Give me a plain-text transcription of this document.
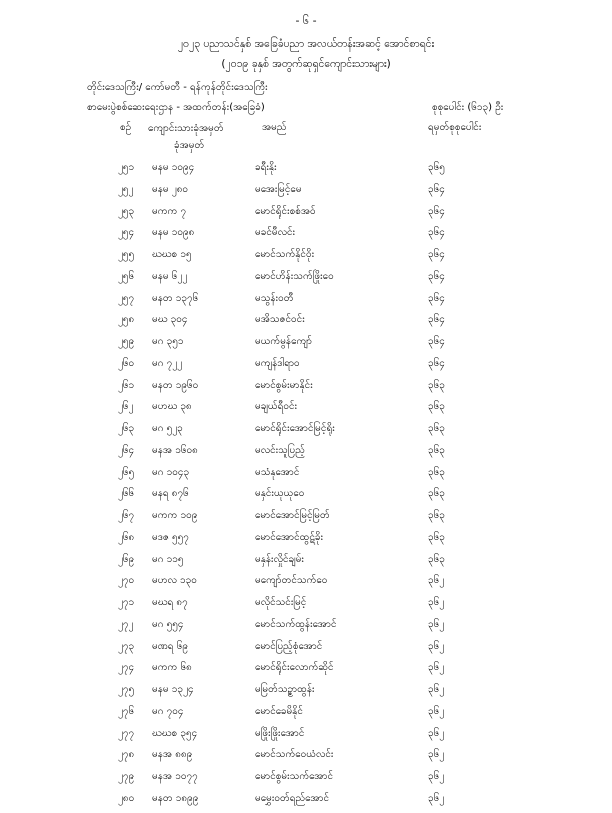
- ၆ -
၂၀၂၃ ပညာသင်နှစ် အခြေခံပညာ အလယ်တန်းအဆင့် အောင်စာရင်း
(၂၀၁၉ ခုနှစ် အတွက်ဆုရှင်ကျောင်းသားများ)
တိုင်းဒေသကြီး/ ကော်မတီ - ရန်ကုန်တိုင်းဒေသကြီး
စာမေးပွဲစစ်ဆေးရေးဌာန - အထက်တန်း(အခြေခံ)	စုစုပေါင်း (၆၁၃) ဦး
စဉ် ကျောင်းသားခုံအမှတ်
ခုံအမှတ်
အမည်	ရမှတ်စုစုပေါင်း
၂၅၁ မနမ ၁၀၉၄	ခရီးနိုး	၃၆၅
၂၅၂ မနမ ၂၈၀	မအေးမြင့်မေ	၃၆၄
၂၅၃ မကက ၇	မောင်ရိုင်းစစ်အဝ်	၃၆၄
၂၅၄ မနမ ၁၀၉၈	မခင်မီလင်း	၃၆၄
၂၅၅ ဃဃစ ၁၅	မောင်သက်နိုင်ဝိုး	၃၆၄
၂၅၆ မနမ ၆၂၂	မောင်ဟိန်းသက်ဖြိုးဝေ	၃၆၄
၂၅၇ မနတ ၁၃၇၆	မသွန်းဝတီ	၃၆၄
၂၅၈ မဃ ၃၀၄	မအိသဇင်ဝင်း	၃၆၄
၂၅၉ မဂ ၃၅၁	မယက်မွန်ကျော်	၃၆၄
၂၆၀ မဂ ၇၂၂	မကျန်ဒါရာဝ	၃၆၄
၂၆၁ မနတ ၁၉၆၀	မောင်စွမ်းမာနိုင်း	၃၆၃
၂၆၂ မဟဃ ၃၈	မချယ်ရီဝင်း	၃၆၃
၂၆၃ မဂ ၅၂၃	မောင်ရိုင်းအောင်မြင့်ရိုး	၃၆၃
၂၆၄ မနအ ၁၆၀၈	မလင်းသူပြည့်	၃၆၃
၂၆၅ မဂ ၁၀၄၃	မသံနုအောင်	၃၆၃
၂၆၆ မနရ ၈၇၆	မနှင်းယုယုဝေ	၃၆၃
၂၆၇ မကက ၁၀၉	မောင်အောင်မြင့်မြတ်	၃၆၃
၂၆၈ မဒဇ ၅၅၇	မောင်အောင်ထွဋ်ခိုး	၃၆၃
၂၆၉ မဂ ၁၁၅	မနှန်းလှိုင်ချမ်း	၃၆၃
၂၇၀ မဟလ ၁၃၀	မကျော်တင်သက်ဝေ	၃၆၂
၂၇၁ မဃရ ၈၇	မလိုင်သင်းမြင့်	၃၆၂
၂၇၂ မဂ ၅၅၄	မောင်သက်ထွန်းအောင်	၃၆၂
၂၇၃ မဏရ ၆၉	မောင်ပြည့်စုံအောင်	၃၆၂
၂၇၄ မကက ၆၈	မောင်ရိုင်းလောက်ဆိုင်	၃၆၂
၂၇၅ မနမ ၁၃၂၄	မမြတ်သဉ္စာထွန်း	၃၆၂
၂၇၆ မဂ ၇၀၄	မောင်ခေမိနိုင်	၃၆၂
၂၇၇ ဃဃစ ၃၅၄	မဖြိုးဖြိုးအောင်	၃၆၂
၂၇၈ မနအ ၈၈၉	မောင်သက်ဝေယံလင်း	၃၆၂
၂၇၉ မနအ ၁၀၇၇	မောင်စွမ်းသက်အောင်	၃၆၂
၂၈၀ မနတ ၁၈၉၉	မမွှေးဝတ်ရည်အောင်	၃၆၂
